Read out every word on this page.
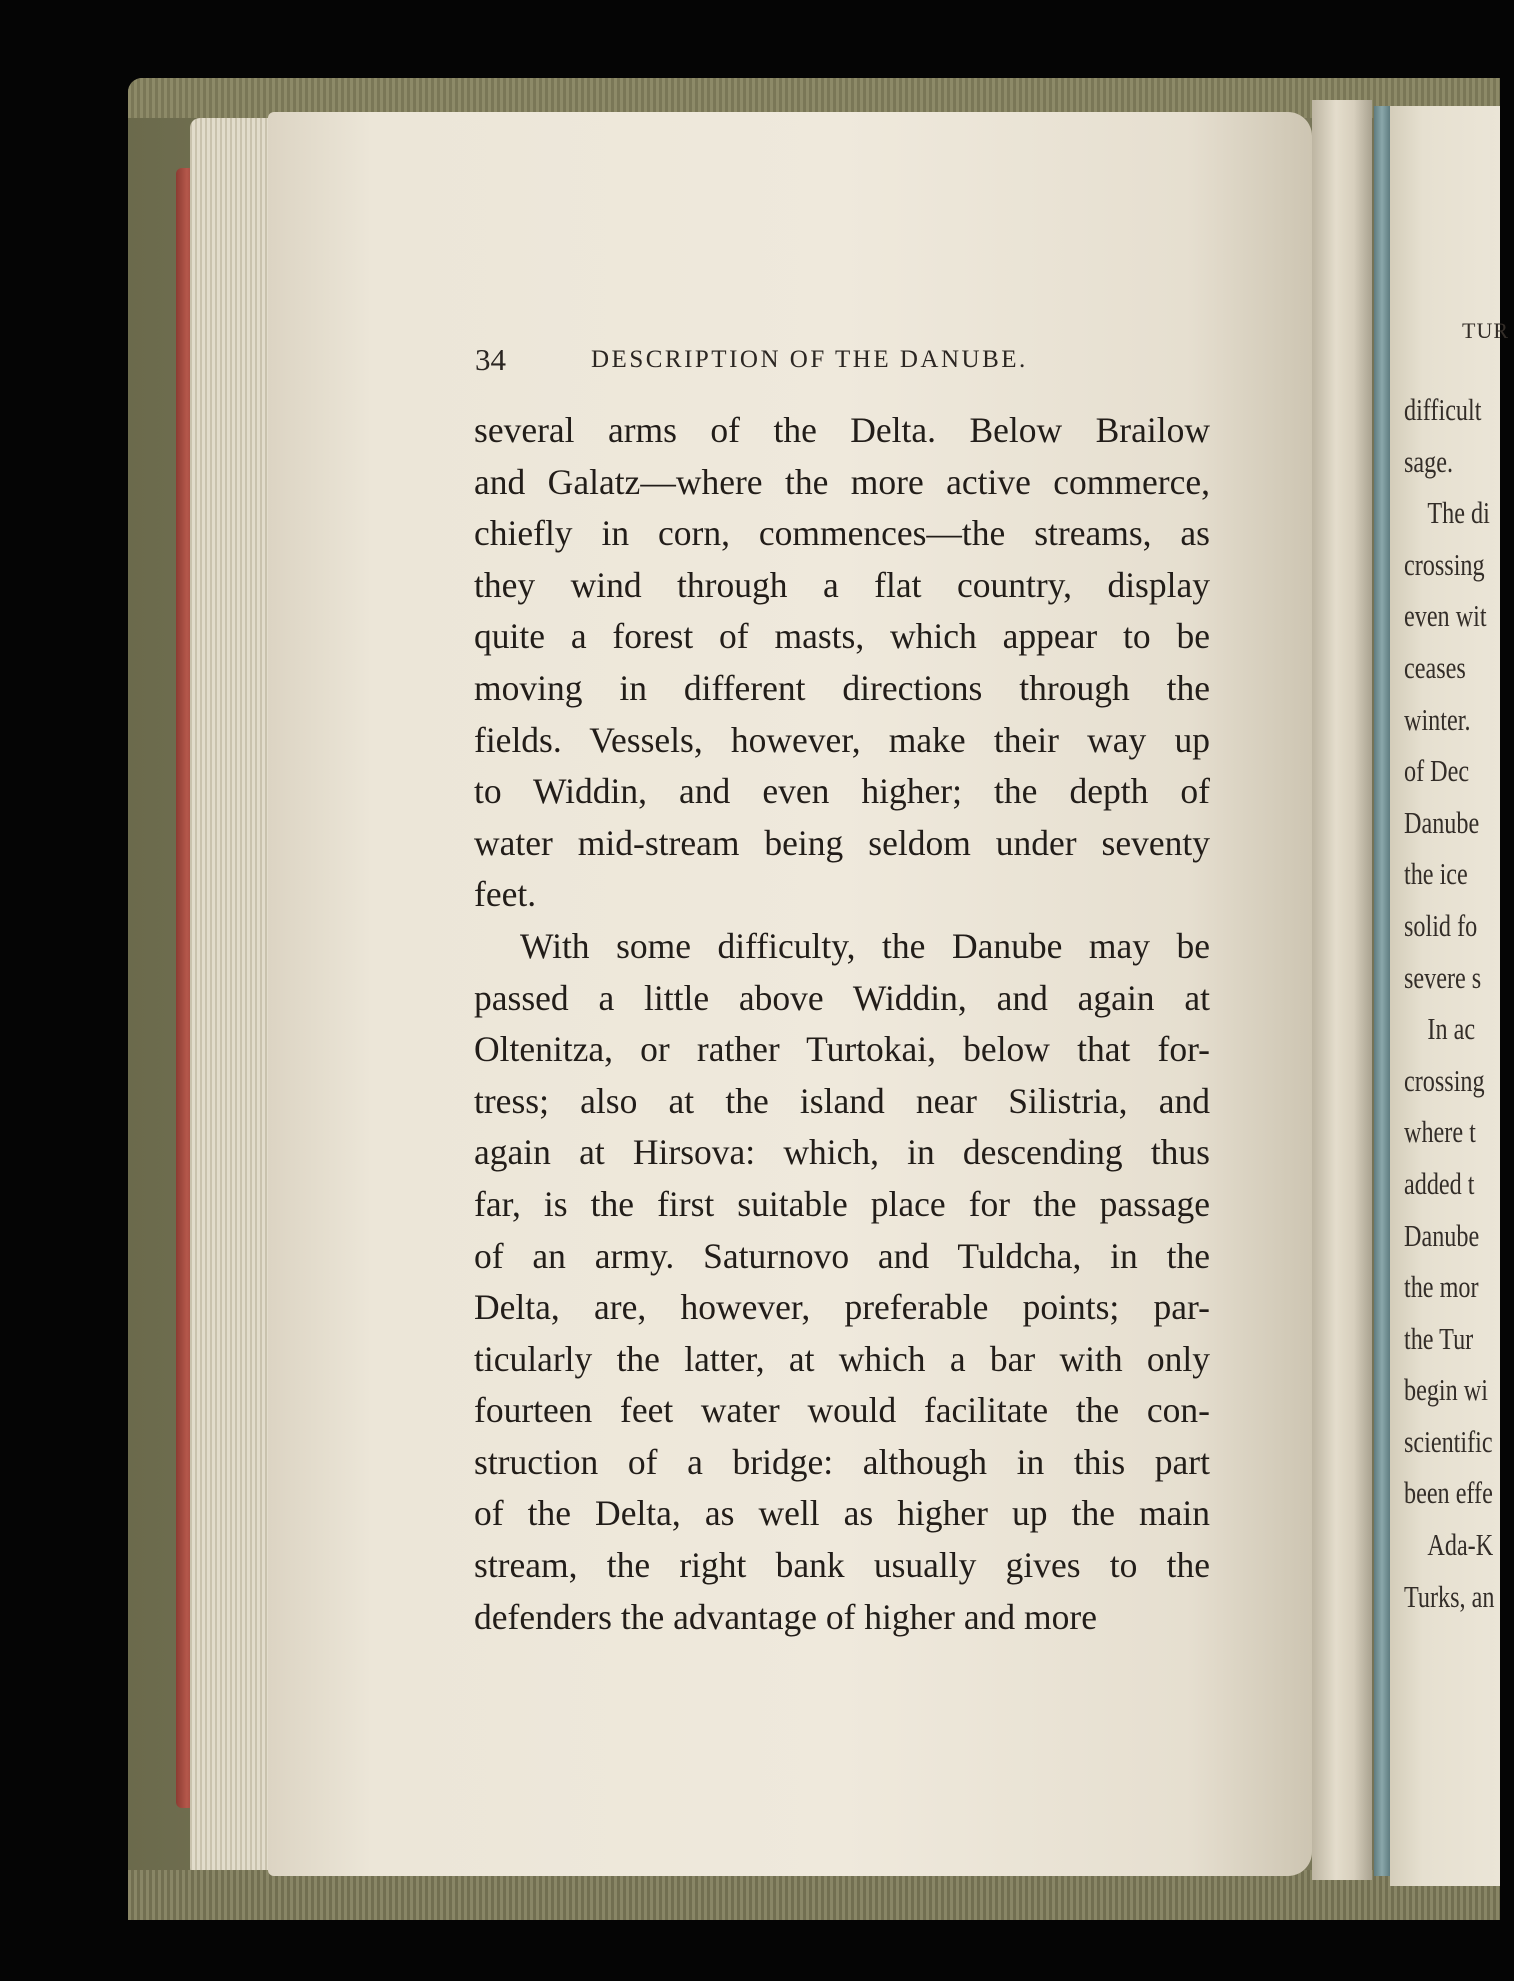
34	DESCRIPTION OF THE DANUBE.
several arms of the Delta. Below Brailow
and Galatz—where the more active commerce,
chiefly in corn, commences—the streams, as
they wind through a flat country, display
quite a forest of masts, which appear to be
moving in different directions through the
fields. Vessels, however, make their way up
to Widdin, and even higher; the depth of
water mid-stream being seldom under seventy
feet.
With some difficulty, the Danube may be
passed a little above Widdin, and again at
Oltenitza, or rather Turtokai, below that for-
tress; also at the island near Silistria, and
again at Hirsova: which, in descending thus
far, is the first suitable place for the passage
of an army. Saturnovo and Tuldcha, in the
Delta, are, however, preferable points; par-
ticularly the latter, at which a bar with only
fourteen feet water would facilitate the con-
struction of a bridge: although in this part
of the Delta, as well as higher up the main
stream, the right bank usually gives to the
defenders the advantage of higher and more
TUR
difficult
sage.
The di
crossing
even wit
ceases
winter.
of Dec
Danube
the ice
solid fo
severe s
In ac
crossing
where t
added t
Danube
the mor
the Tur
begin wi
scientific
been effe
Ada-K
Turks, an
